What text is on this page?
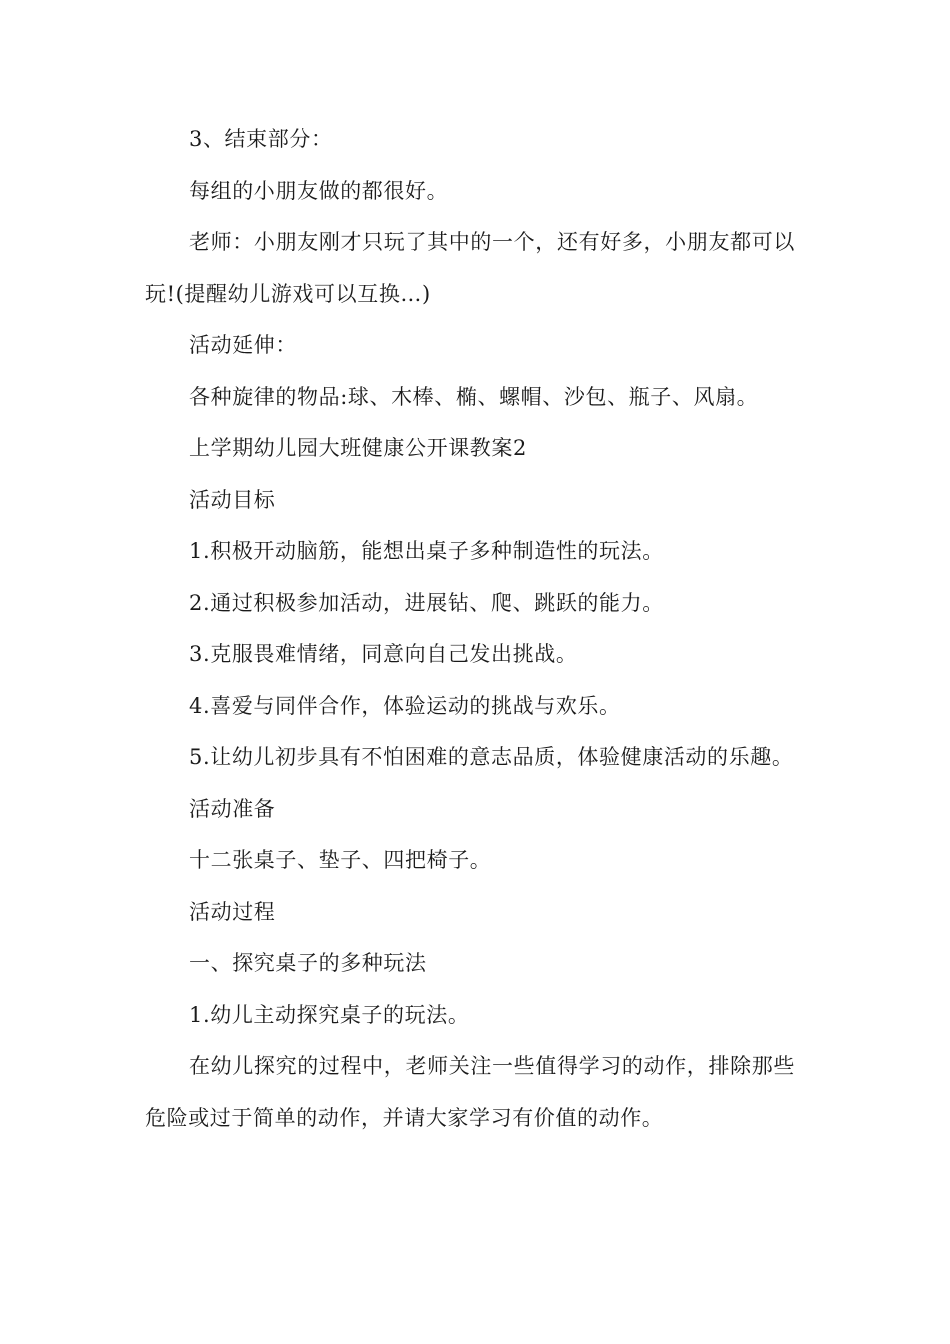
3、结束部分：

每组的小朋友做的都很好。

老师：小朋友刚才只玩了其中的一个，还有好多，小朋友都可以玩!(提醒幼儿游戏可以互换…)

活动延伸：

各种旋律的物品:球、木棒、椭、螺帽、沙包、瓶子、风扇。

上学期幼儿园大班健康公开课教案2

活动目标

1.积极开动脑筋，能想出桌子多种制造性的玩法。

2.通过积极参加活动，进展钻、爬、跳跃的能力。

3.克服畏难情绪，同意向自己发出挑战。

4.喜爱与同伴合作，体验运动的挑战与欢乐。

5.让幼儿初步具有不怕困难的意志品质，体验健康活动的乐趣。

活动准备

十二张桌子、垫子、四把椅子。

活动过程

一、探究桌子的多种玩法

1.幼儿主动探究桌子的玩法。

在幼儿探究的过程中，老师关注一些值得学习的动作，排除那些危险或过于简单的动作，并请大家学习有价值的动作。
